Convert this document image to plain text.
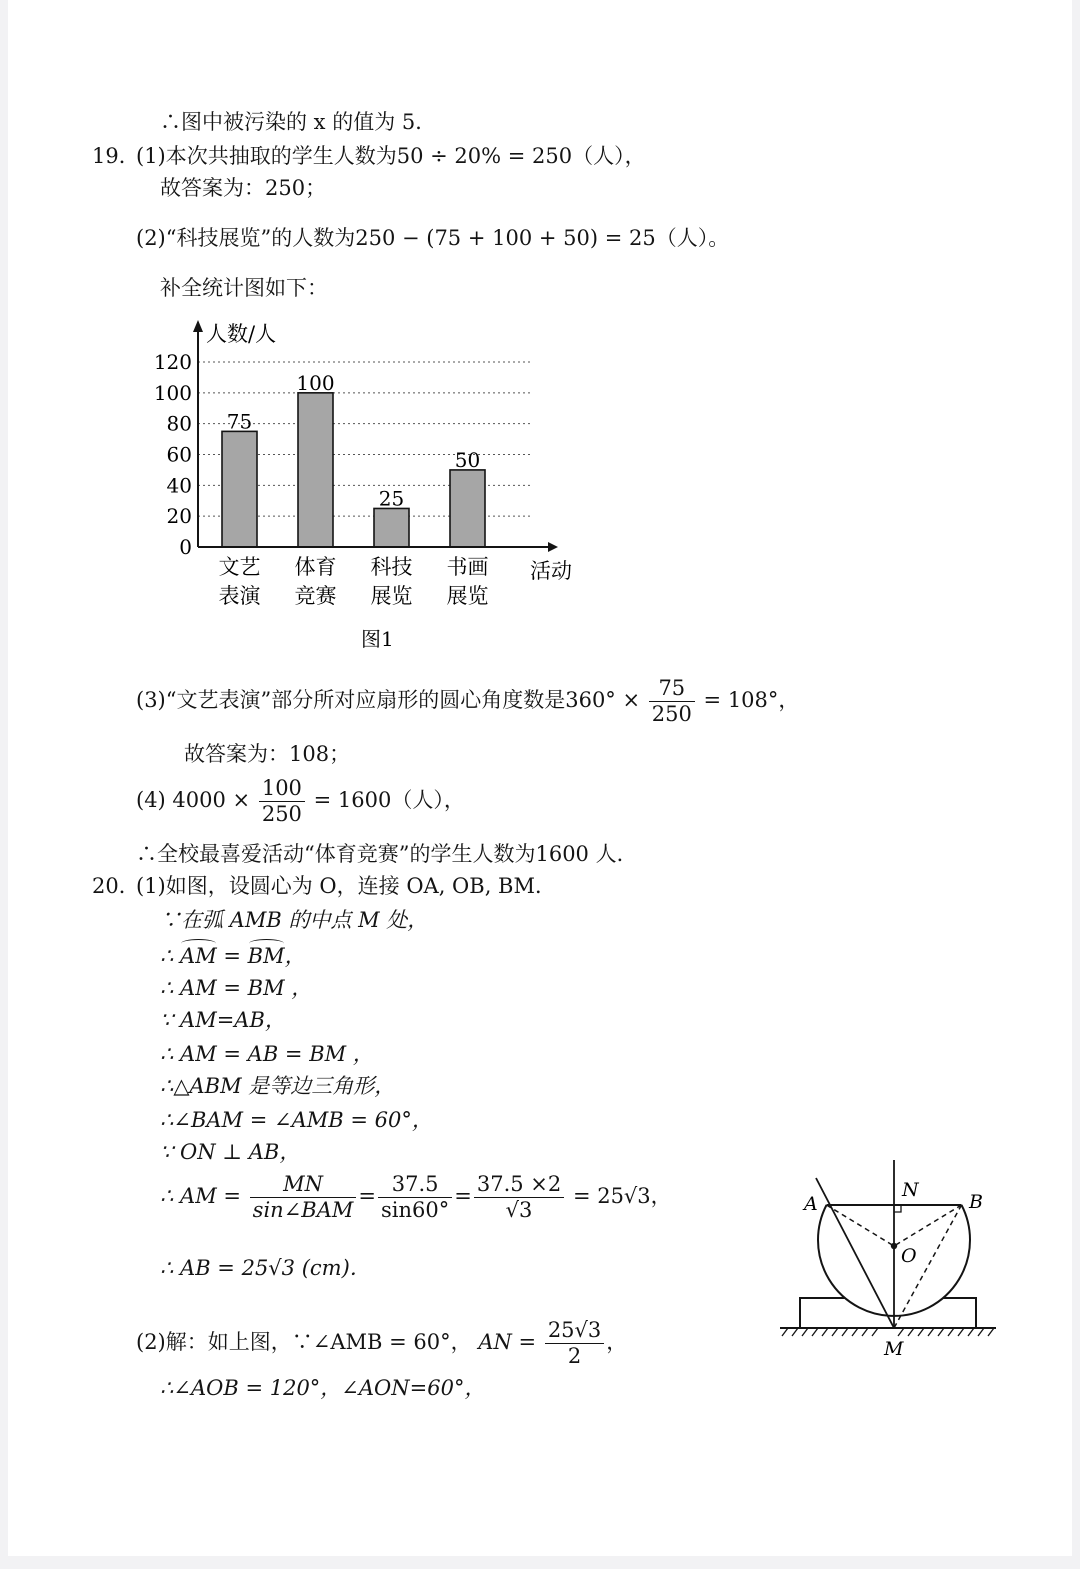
∴图中被污染的 x 的值为 5．
19．
(1)本次共抽取的学生人数为50 ÷ 20% = 250（人），
故答案为：250；
(2)“科技展览”的人数为250 − (75 + 100 + 50) = 25（人）。
补全统计图如下：
人数/人
活动
图1
0
20
40
60
80
100
120
75
文艺
表演
100
体育
竞赛
25
科技
展览
50
书画
展览
(3)“文艺表演”部分所对应扇形的圆心角度数是$360^\circ \times \frac{75}{250} = 108^\circ$，
故答案为：108；
(4) $4000 \times \frac{100}{250} = 1600$（人），
∴全校最喜爱活动“体育竞赛”的学生人数为1600 人．
20．
(1)如图，设圆心为 O，连接 OA, OB, BM．
∵在弧 AMB 的中点 M 处，
∴ AM = BM，
∴ AM = BM ，
∵ AM=AB，
∴ AM = AB = BM ，
∴△ABM 是等边三角形，
∴∠BAM = ∠AMB = 60°，
∵ ON ⊥ AB，
∴ AM = $\frac{MN}{\text{sin∠BAM}} = \frac{37.5}{\sin 60^\circ} = \frac{37.5 \times 2}{√3} = 25√3$，
∴ AB = 25√3 (cm)．
(2)解：如上图，∵∠AMB = 60°， AN = $\frac{25√3}{2}$ ，
∴∠AOB = 120°，∠AON=60°，
A	B
N
O
M
